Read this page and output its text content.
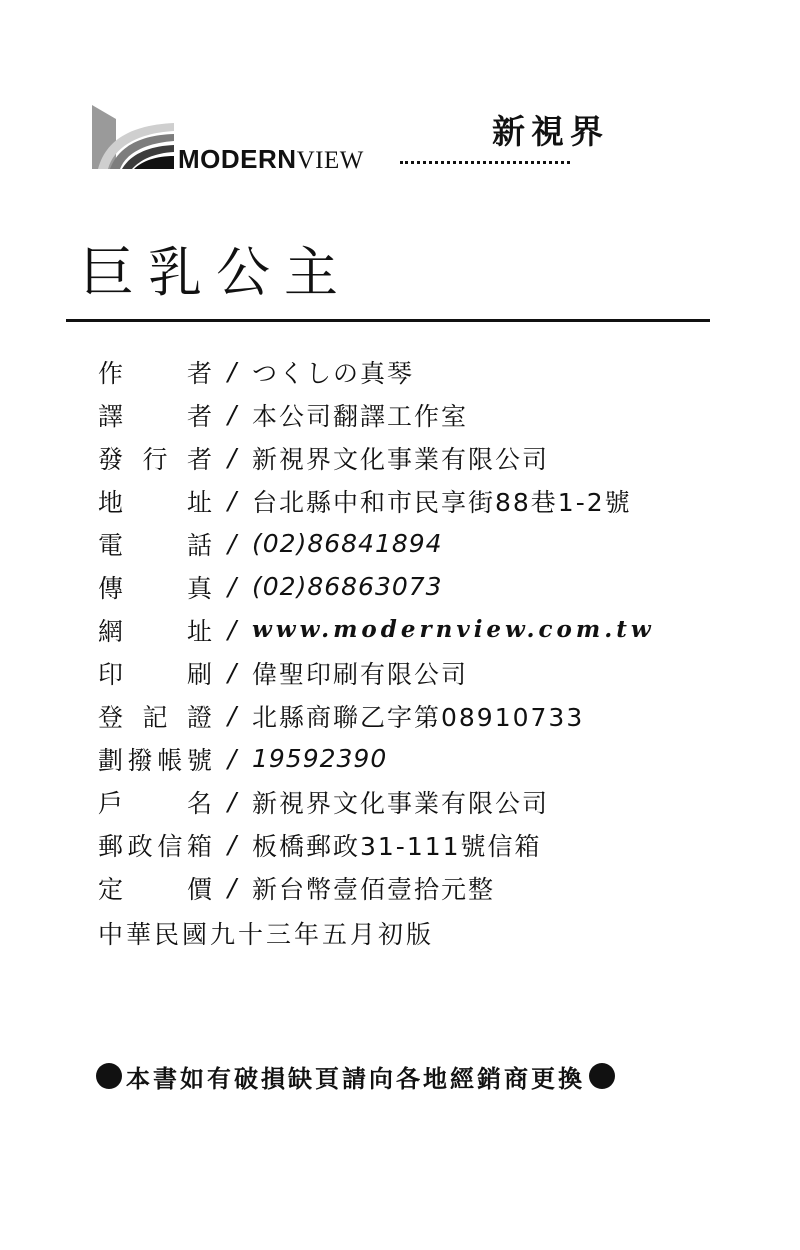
MODERNVIEW
新視界
巨乳公主
作	者 / つくしの真琴
譯	者 / 本公司翻譯工作室
發 行 者 / 新視界文化事業有限公司
地	址 / 台北縣中和市民享街88巷1-2號
電	話 / (02)86841894
傳	真 / (02)86863073
網	址 / www.modernview.com.tw
印	刷 / 偉聖印刷有限公司
登 記 證 / 北縣商聯乙字第08910733
劃 撥 帳 號 / 19592390
戶	名 / 新視界文化事業有限公司
郵 政 信 箱 / 板橋郵政31-111號信箱
定	價 / 新台幣壹佰壹拾元整
中華民國九十三年五月初版
本書如有破損缺頁請向各地經銷商更換
